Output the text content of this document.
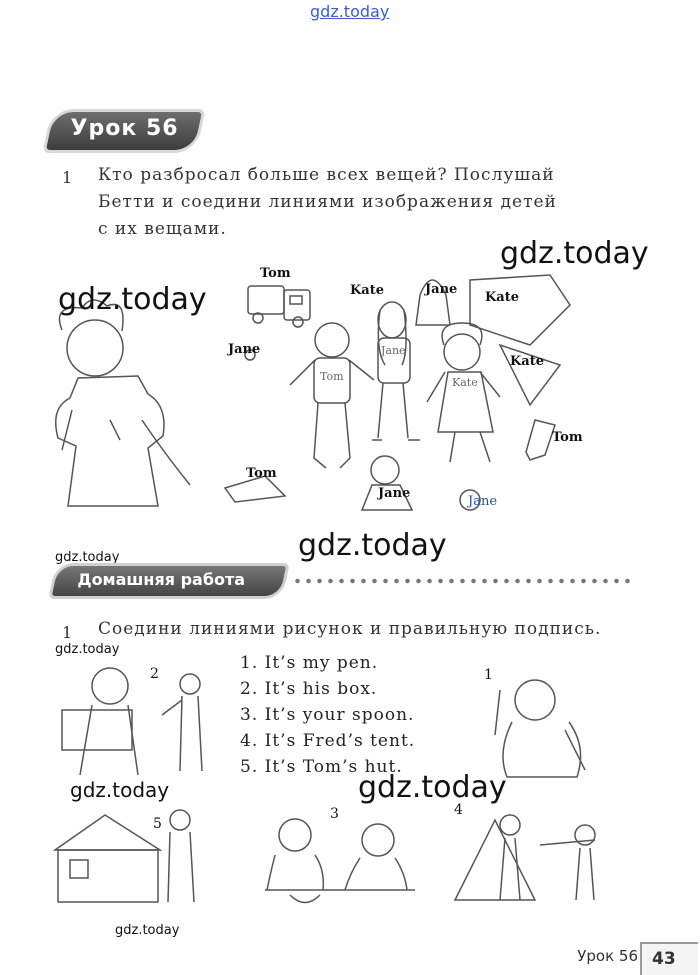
gdz.today
Урок 56
1 Кто разбросал больше всех вещей? Послушай
Бетти и соедини линиями изображения детей
с их вещами.
Tom
Kate	Jane
Kate
Jane
Tom
Jane
Kate
Kate
Tom
Tom
Jane
Jane
gdz.today
gdz.today
gdz.today
gdz.today
gdz.today
gdz.today	gdz.today
gdz.today
Домашняя работа
1 Соедини линиями рисунок и правильную подпись.
1. It’s my pen.
2. It’s his box.
3. It’s your spoon.
4. It’s Fred’s tent.
5. It’s Tom’s hut.
2	1
5
3	4
Урок 56 43
